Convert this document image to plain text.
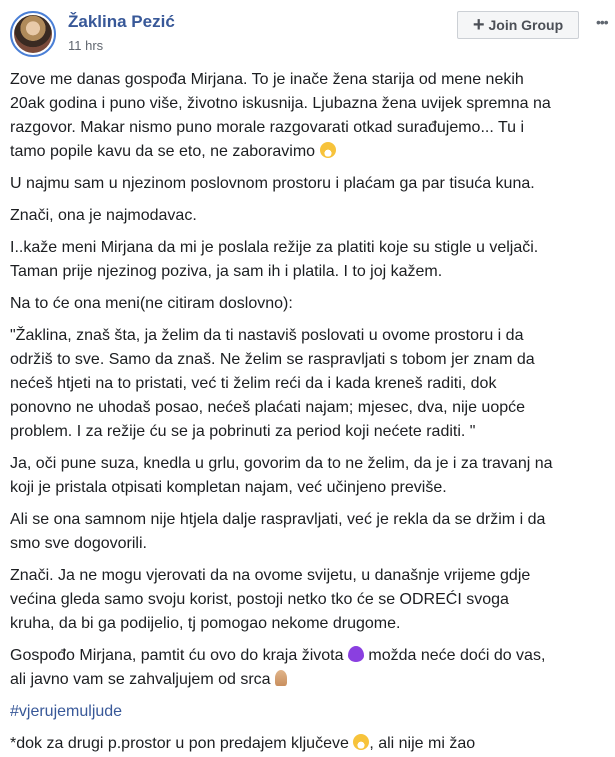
Žaklina Pezić
11 hrs
+ Join Group •••
Zove me danas gospođa Mirjana. To je inače žena starija od mene nekih
20ak godina i puno više, životno iskusnija. Ljubazna žena uvijek spremna na
razgovor. Makar nismo puno morale razgovarati otkad surađujemo... Tu i
tamo popile kavu da se eto, ne zaboravimo
U najmu sam u njezinom poslovnom prostoru i plaćam ga par tisuća kuna.
Znači, ona je najmodavac.
I..kaže meni Mirjana da mi je poslala režije za platiti koje su stigle u veljači.
Taman prije njezinog poziva, ja sam ih i platila. I to joj kažem.
Na to će ona meni(ne citiram doslovno):
"Žaklina, znaš šta, ja želim da ti nastaviš poslovati u ovome prostoru i da
održiš to sve. Samo da znaš. Ne želim se raspravljati s tobom jer znam da
nećeš htjeti na to pristati, već ti želim reći da i kada kreneš raditi, dok
ponovno ne uhodaš posao, nećeš plaćati najam; mjesec, dva, nije uopće
problem. I za režije ću se ja pobrinuti za period koji nećete raditi. "
Ja, oči pune suza, knedla u grlu, govorim da to ne želim, da je i za travanj na
koji je pristala otpisati kompletan najam, već učinjeno previše.
Ali se ona samnom nije htjela dalje raspravljati, već je rekla da se držim i da
smo sve dogovorili.
Znači. Ja ne mogu vjerovati da na ovome svijetu, u današnje vrijeme gdje
većina gleda samo svoju korist, postoji netko tko će se ODREĆI svoga
kruha, da bi ga podijelio, tj pomogao nekome drugome.
Gospođo Mirjana, pamtit ću ovo do kraja života možda neće doći do vas,
ali javno vam se zahvaljujem od srca
#vjerujemuljude
*dok za drugi p.prostor u pon predajem ključeve , ali nije mi žao
